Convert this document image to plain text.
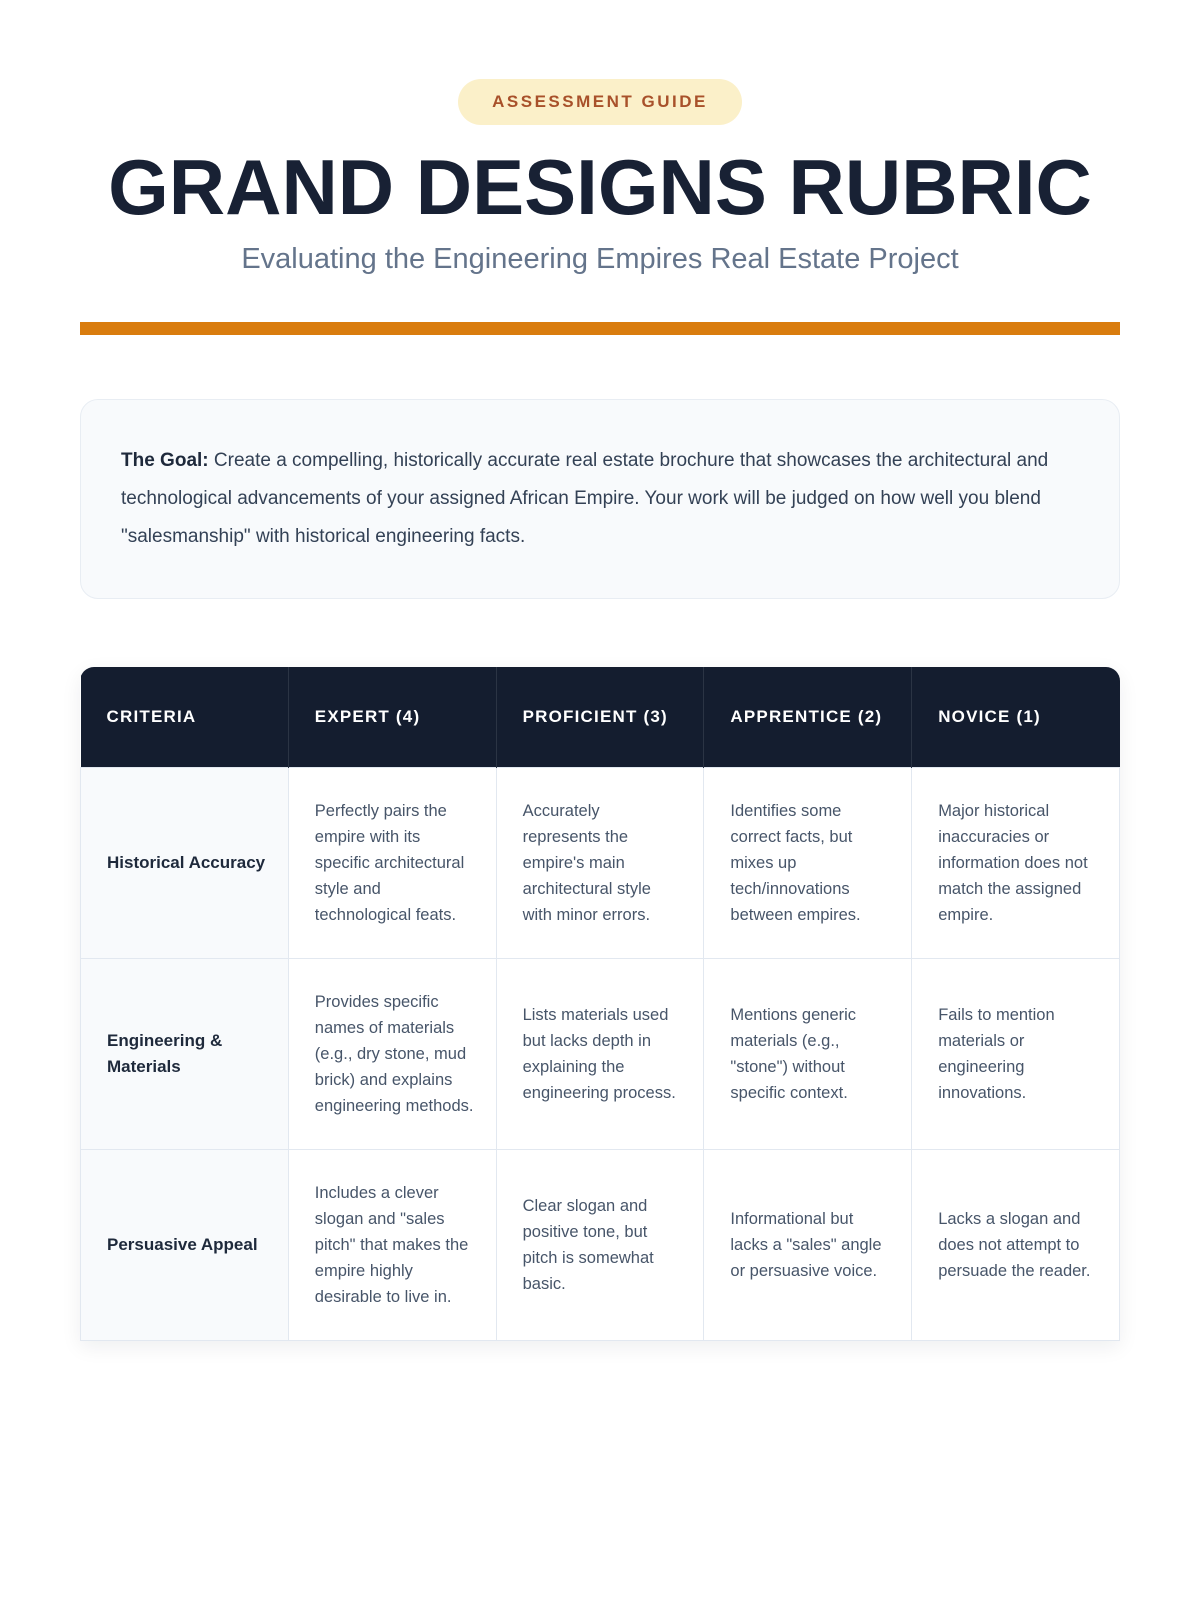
ASSESSMENT GUIDE
GRAND DESIGNS RUBRIC

Evaluating the Engineering Empires Real Estate Project

The Goal: Create a compelling, historically accurate real estate brochure that showcases the architectural and technological advancements of your assigned African Empire. Your work will be judged on how well you blend "salesmanship" with historical engineering facts.
CRITERIA	EXPERT (4)	PROFICIENT (3)	APPRENTICE (2)	NOVICE (1)
Historical Accuracy	Perfectly pairs the empire with its specific architectural style and technological feats.	Accurately represents the empire's main architectural style with minor errors.	Identifies some correct facts, but mixes up tech/innovations between empires.	Major historical inaccuracies or information does not match the assigned empire.
Engineering & Materials	Provides specific names of materials (e.g., dry stone, mud brick) and explains engineering methods.	Lists materials used but lacks depth in explaining the engineering process.	Mentions generic materials (e.g., "stone") without specific context.	Fails to mention materials or engineering innovations.
Persuasive Appeal	Includes a clever slogan and "sales pitch" that makes the empire highly desirable to live in.	Clear slogan and positive tone, but pitch is somewhat basic.	Informational but lacks a "sales" angle or persuasive voice.	Lacks a slogan and does not attempt to persuade the reader.
